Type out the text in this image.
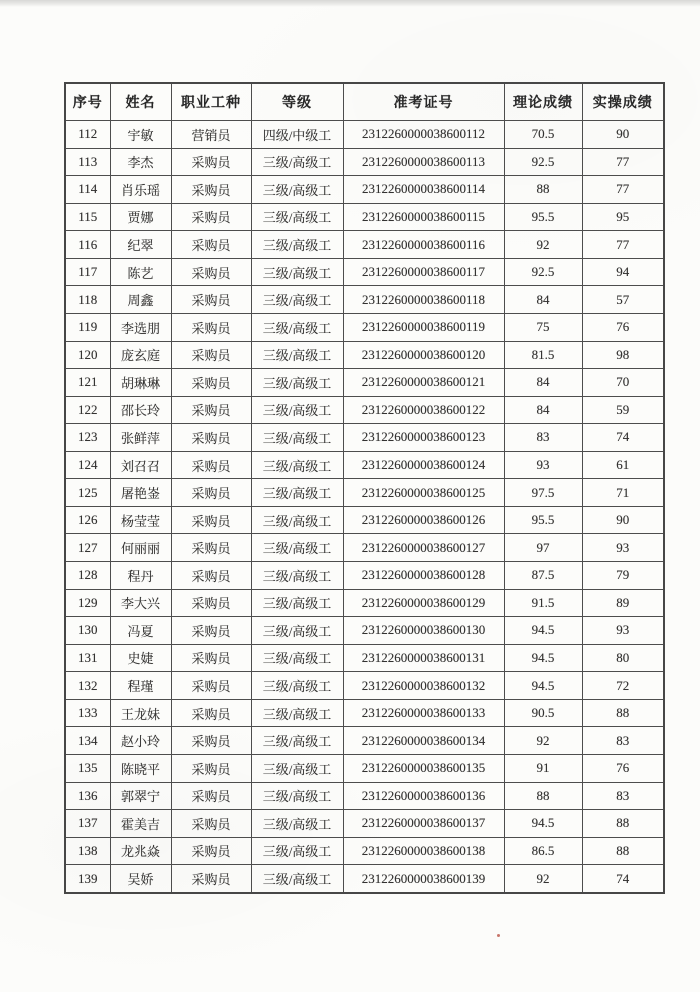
序号	姓名	职业工种	等级	准考证号	理论成绩	实操成绩
112	宇敏	营销员	四级/中级工	2312260000038600112	70.5	90
113	李杰	采购员	三级/高级工	2312260000038600113	92.5	77
114	肖乐瑶	采购员	三级/高级工	2312260000038600114	88	77
115	贾娜	采购员	三级/高级工	2312260000038600115	95.5	95
116	纪翠	采购员	三级/高级工	2312260000038600116	92	77
117	陈艺	采购员	三级/高级工	2312260000038600117	92.5	94
118	周鑫	采购员	三级/高级工	2312260000038600118	84	57
119	李选朋	采购员	三级/高级工	2312260000038600119	75	76
120	庞玄庭	采购员	三级/高级工	2312260000038600120	81.5	98
121	胡琳琳	采购员	三级/高级工	2312260000038600121	84	70
122	邵长玲	采购员	三级/高级工	2312260000038600122	84	59
123	张鲜萍	采购员	三级/高级工	2312260000038600123	83	74
124	刘召召	采购员	三级/高级工	2312260000038600124	93	61
125	屠艳崟	采购员	三级/高级工	2312260000038600125	97.5	71
126	杨莹莹	采购员	三级/高级工	2312260000038600126	95.5	90
127	何丽丽	采购员	三级/高级工	2312260000038600127	97	93
128	程丹	采购员	三级/高级工	2312260000038600128	87.5	79
129	李大兴	采购员	三级/高级工	2312260000038600129	91.5	89
130	冯夏	采购员	三级/高级工	2312260000038600130	94.5	93
131	史婕	采购员	三级/高级工	2312260000038600131	94.5	80
132	程瑾	采购员	三级/高级工	2312260000038600132	94.5	72
133	王龙妹	采购员	三级/高级工	2312260000038600133	90.5	88
134	赵小玲	采购员	三级/高级工	2312260000038600134	92	83
135	陈晓平	采购员	三级/高级工	2312260000038600135	91	76
136	郭翠宁	采购员	三级/高级工	2312260000038600136	88	83
137	霍美吉	采购员	三级/高级工	2312260000038600137	94.5	88
138	龙兆焱	采购员	三级/高级工	2312260000038600138	86.5	88
139	吴娇	采购员	三级/高级工	2312260000038600139	92	74
